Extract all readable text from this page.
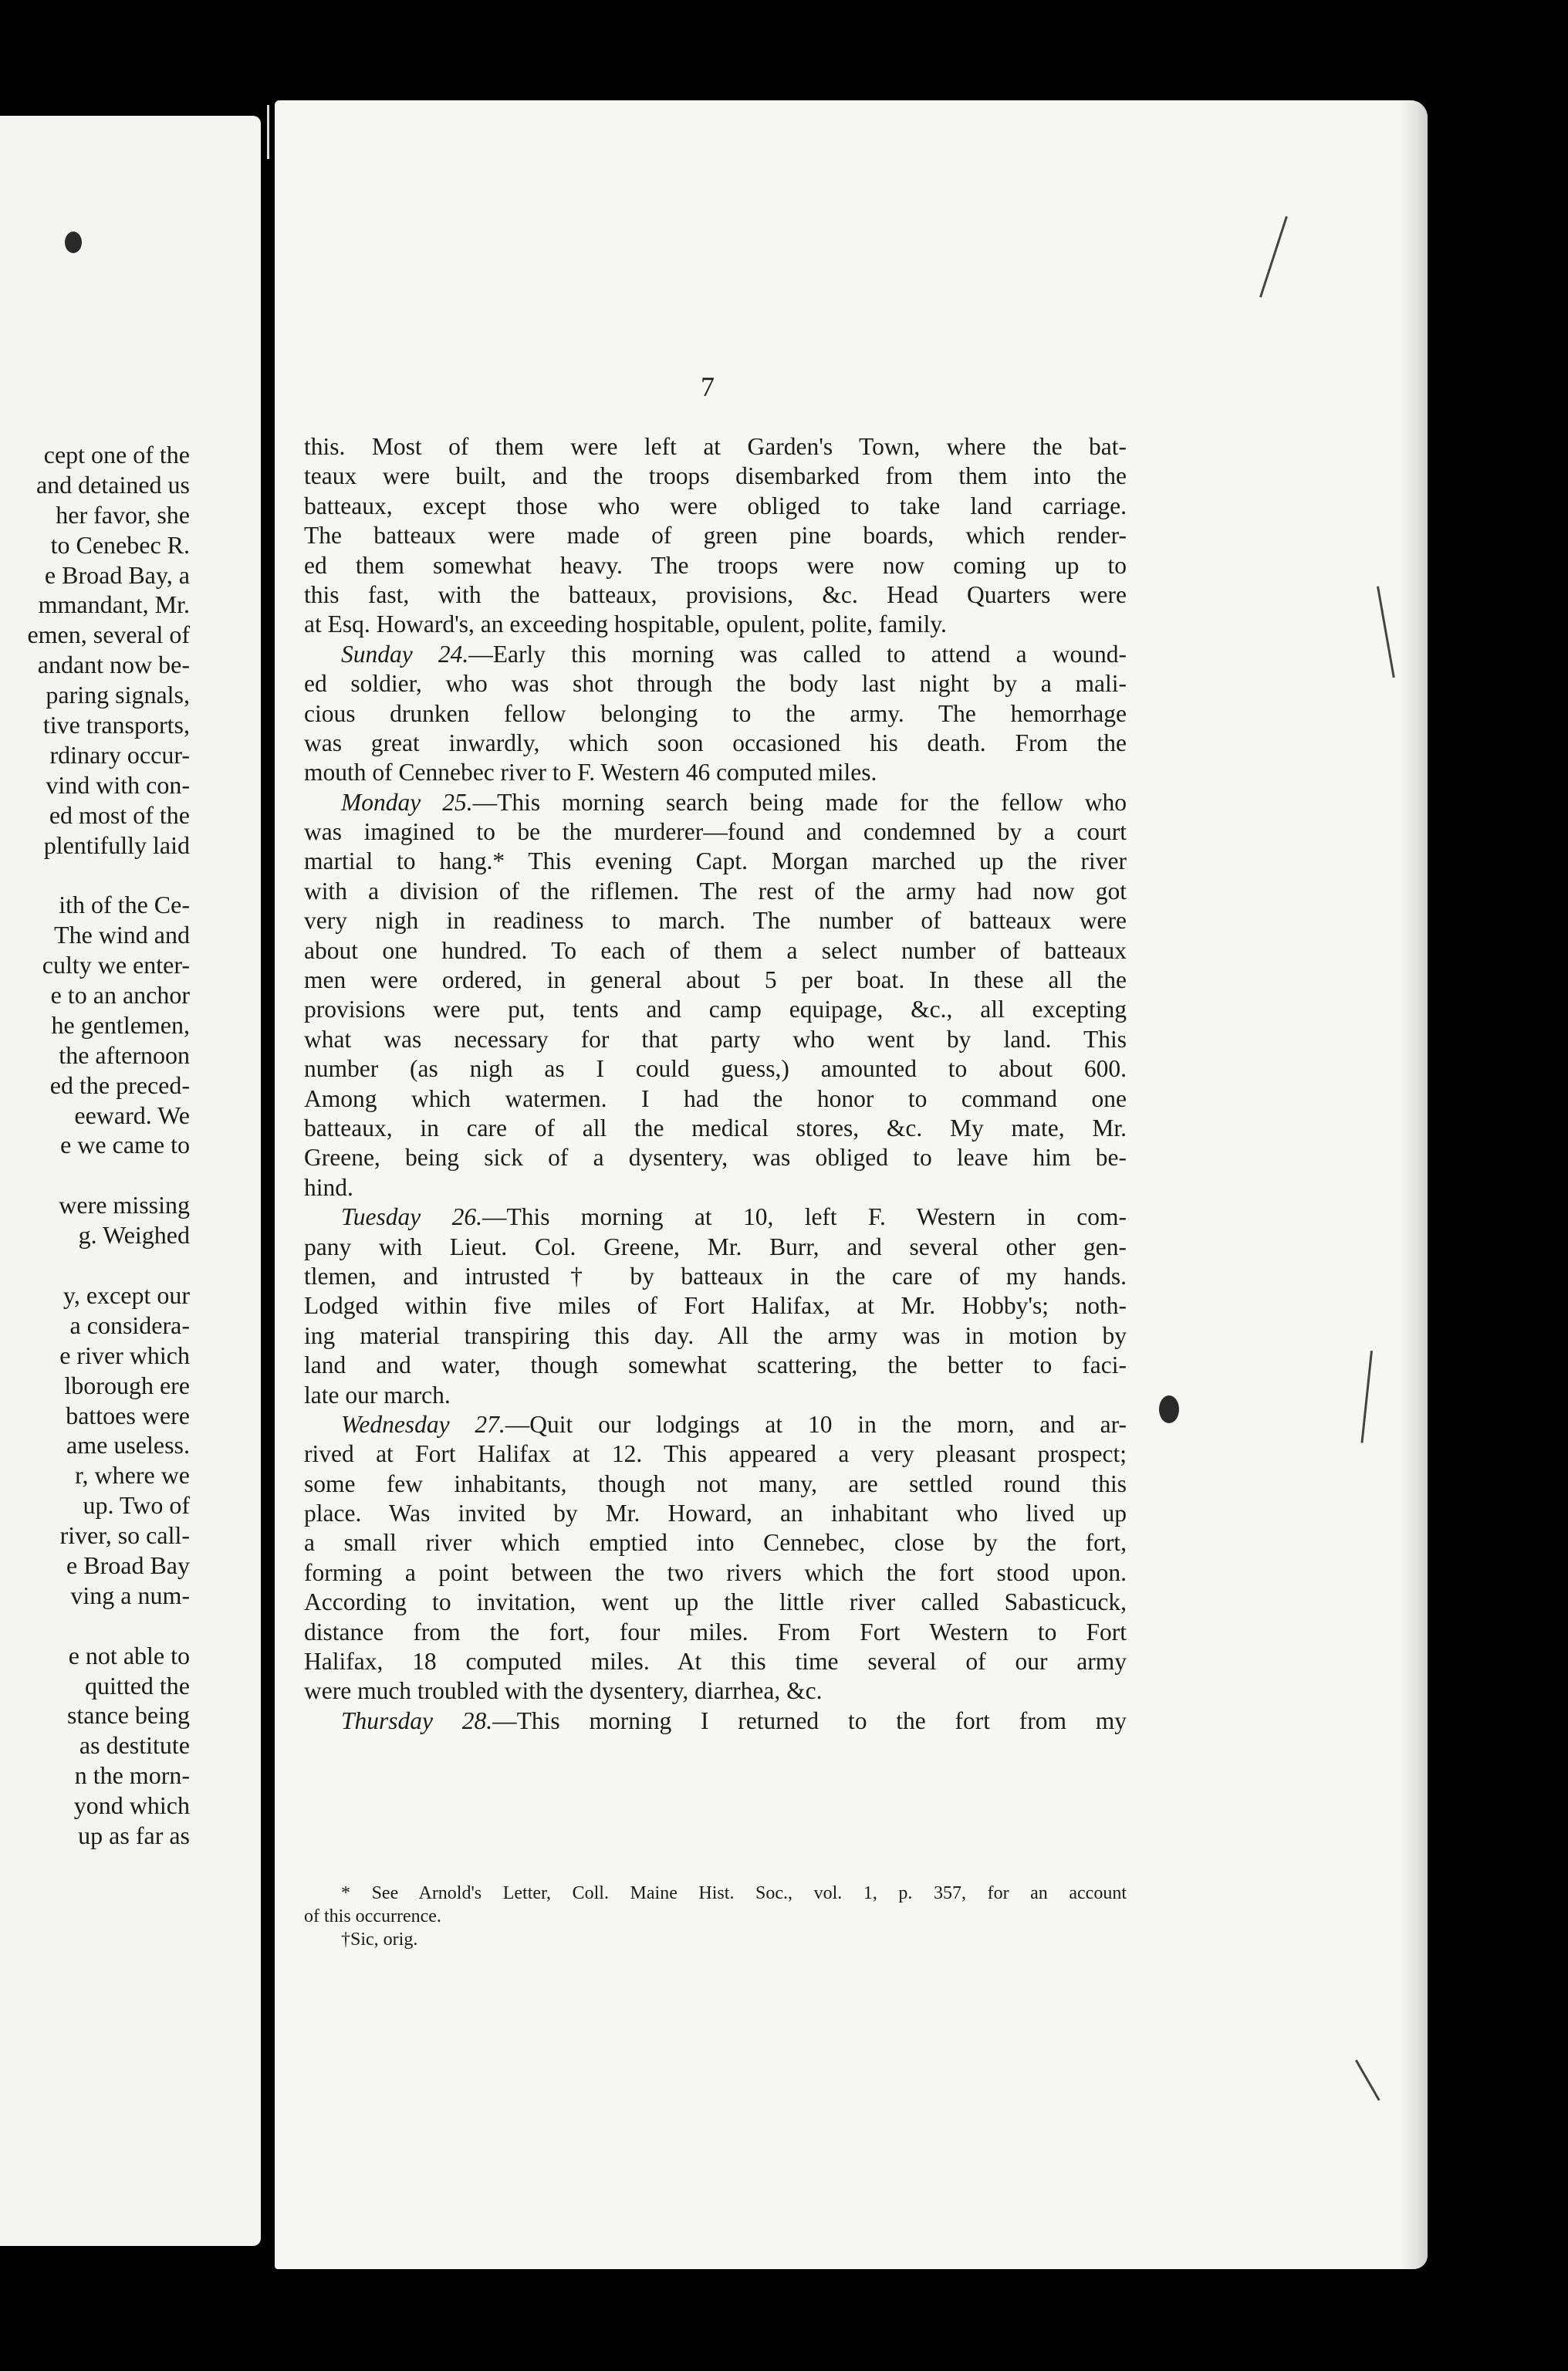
cept one of the
and detained us
her favor, she
to Cenebec R.
e Broad Bay, a
mmandant, Mr.
emen, several of
andant now be-
paring signals,
tive transports,
rdinary occur-
vind with con-
ed most of the
plentifully laid
ith of the Ce-
The wind and
culty we enter-
e to an anchor
he gentlemen,
the afternoon
ed the preced-
eeward. We
e we came to
were missing
g. Weighed
y, except our
a considera-
e river which
lborough ere
battoes were
ame useless.
r, where we
up. Two of
river, so call-
e Broad Bay
ving a num-
e not able to
quitted the
stance being
as destitute
n the morn-
yond which
up as far as
7
this. Most of them were left at Garden's Town, where the bat-
teaux were built, and the troops disembarked from them into the
batteaux, except those who were obliged to take land carriage.
The batteaux were made of green pine boards, which render-
ed them somewhat heavy. The troops were now coming up to
this fast, with the batteaux, provisions, &c. Head Quarters were
at Esq. Howard's, an exceeding hospitable, opulent, polite, family.
Sunday 24.—Early this morning was called to attend a wound-
ed soldier, who was shot through the body last night by a mali-
cious drunken fellow belonging to the army. The hemorrhage
was great inwardly, which soon occasioned his death. From the
mouth of Cennebec river to F. Western 46 computed miles.
Monday 25.—This morning search being made for the fellow who
was imagined to be the murderer—found and condemned by a court
martial to hang.* This evening Capt. Morgan marched up the river
with a division of the riflemen. The rest of the army had now got
very nigh in readiness to march. The number of batteaux were
about one hundred. To each of them a select number of batteaux
men were ordered, in general about 5 per boat. In these all the
provisions were put, tents and camp equipage, &c., all excepting
what was necessary for that party who went by land. This
number (as nigh as I could guess,) amounted to about 600.
Among which watermen. I had the honor to command one
batteaux, in care of all the medical stores, &c. My mate, Mr.
Greene, being sick of a dysentery, was obliged to leave him be-
hind.
Tuesday 26.—This morning at 10, left F. Western in com-
pany with Lieut. Col. Greene, Mr. Burr, and several other gen-
tlemen, and intrusted† by batteaux in the care of my hands.
Lodged within five miles of Fort Halifax, at Mr. Hobby's; noth-
ing material transpiring this day. All the army was in motion by
land and water, though somewhat scattering, the better to faci-
late our march.
Wednesday 27.—Quit our lodgings at 10 in the morn, and ar-
rived at Fort Halifax at 12. This appeared a very pleasant prospect;
some few inhabitants, though not many, are settled round this
place. Was invited by Mr. Howard, an inhabitant who lived up
a small river which emptied into Cennebec, close by the fort,
forming a point between the two rivers which the fort stood upon.
According to invitation, went up the little river called Sabasticuck,
distance from the fort, four miles. From Fort Western to Fort
Halifax, 18 computed miles. At this time several of our army
were much troubled with the dysentery, diarrhea, &c.
Thursday 28.—This morning I returned to the fort from my
* See Arnold's Letter, Coll. Maine Hist. Soc., vol. 1, p. 357, for an account
of this occurrence.
†Sic, orig.
